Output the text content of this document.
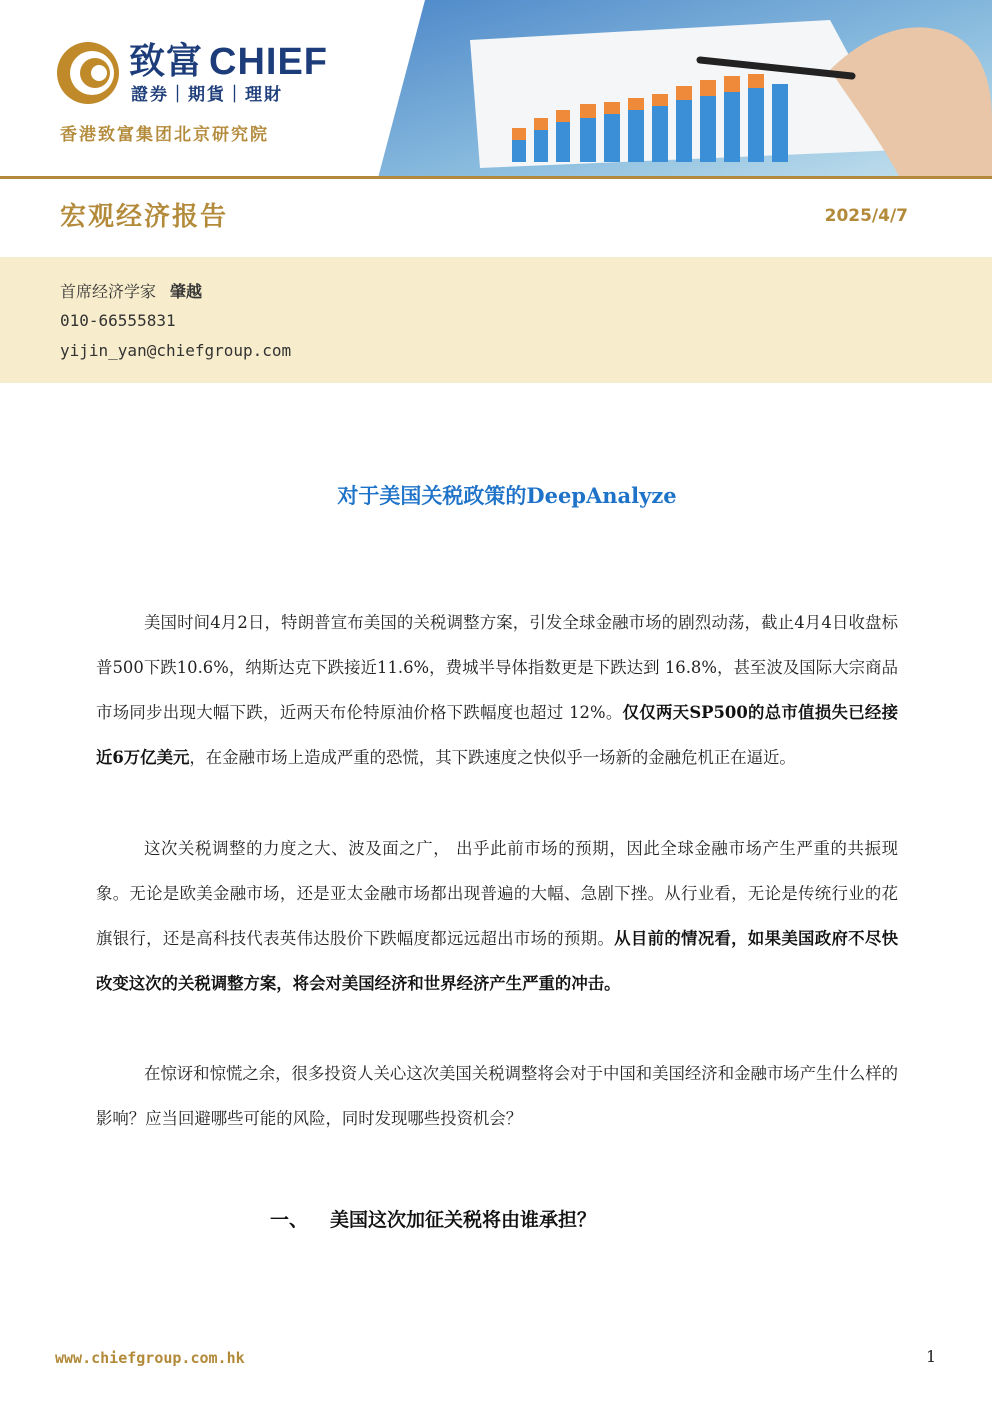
致富 CHIEF
證券｜期貨｜理財
香港致富集团北京研究院
宏观经济报告	2025/4/7
首席经济学家 肇越
010-66555831
yijin_yan@chiefgroup.com
对于美国关税政策的DeepAnalyze

美国时间4月2日，特朗普宣布美国的关税调整方案，引发全球金融市场的剧烈动荡，截止4月4日收盘标普500下跌10.6%，纳斯达克下跌接近11.6%，费城半导体指数更是下跌达到 16.8%，甚至波及国际大宗商品市场同步出现大幅下跌，近两天布伦特原油价格下跌幅度也超过 12%。仅仅两天SP500的总市值损失已经接近6万亿美元，在金融市场上造成严重的恐慌，其下跌速度之快似乎一场新的金融危机正在逼近。

这次关税调整的力度之大、波及面之广， 出乎此前市场的预期，因此全球金融市场产生严重的共振现象。无论是欧美金融市场，还是亚太金融市场都出现普遍的大幅、急剧下挫。从行业看，无论是传统行业的花旗银行，还是高科技代表英伟达股价下跌幅度都远远超出市场的预期。从目前的情况看，如果美国政府不尽快改变这次的关税调整方案，将会对美国经济和世界经济产生严重的冲击。

在惊讶和惊慌之余，很多投资人关心这次美国关税调整将会对于中国和美国经济和金融市场产生什么样的影响？应当回避哪些可能的风险，同时发现哪些投资机会？

一、 美国这次加征关税将由谁承担？
www.chiefgroup.com.hk	1
